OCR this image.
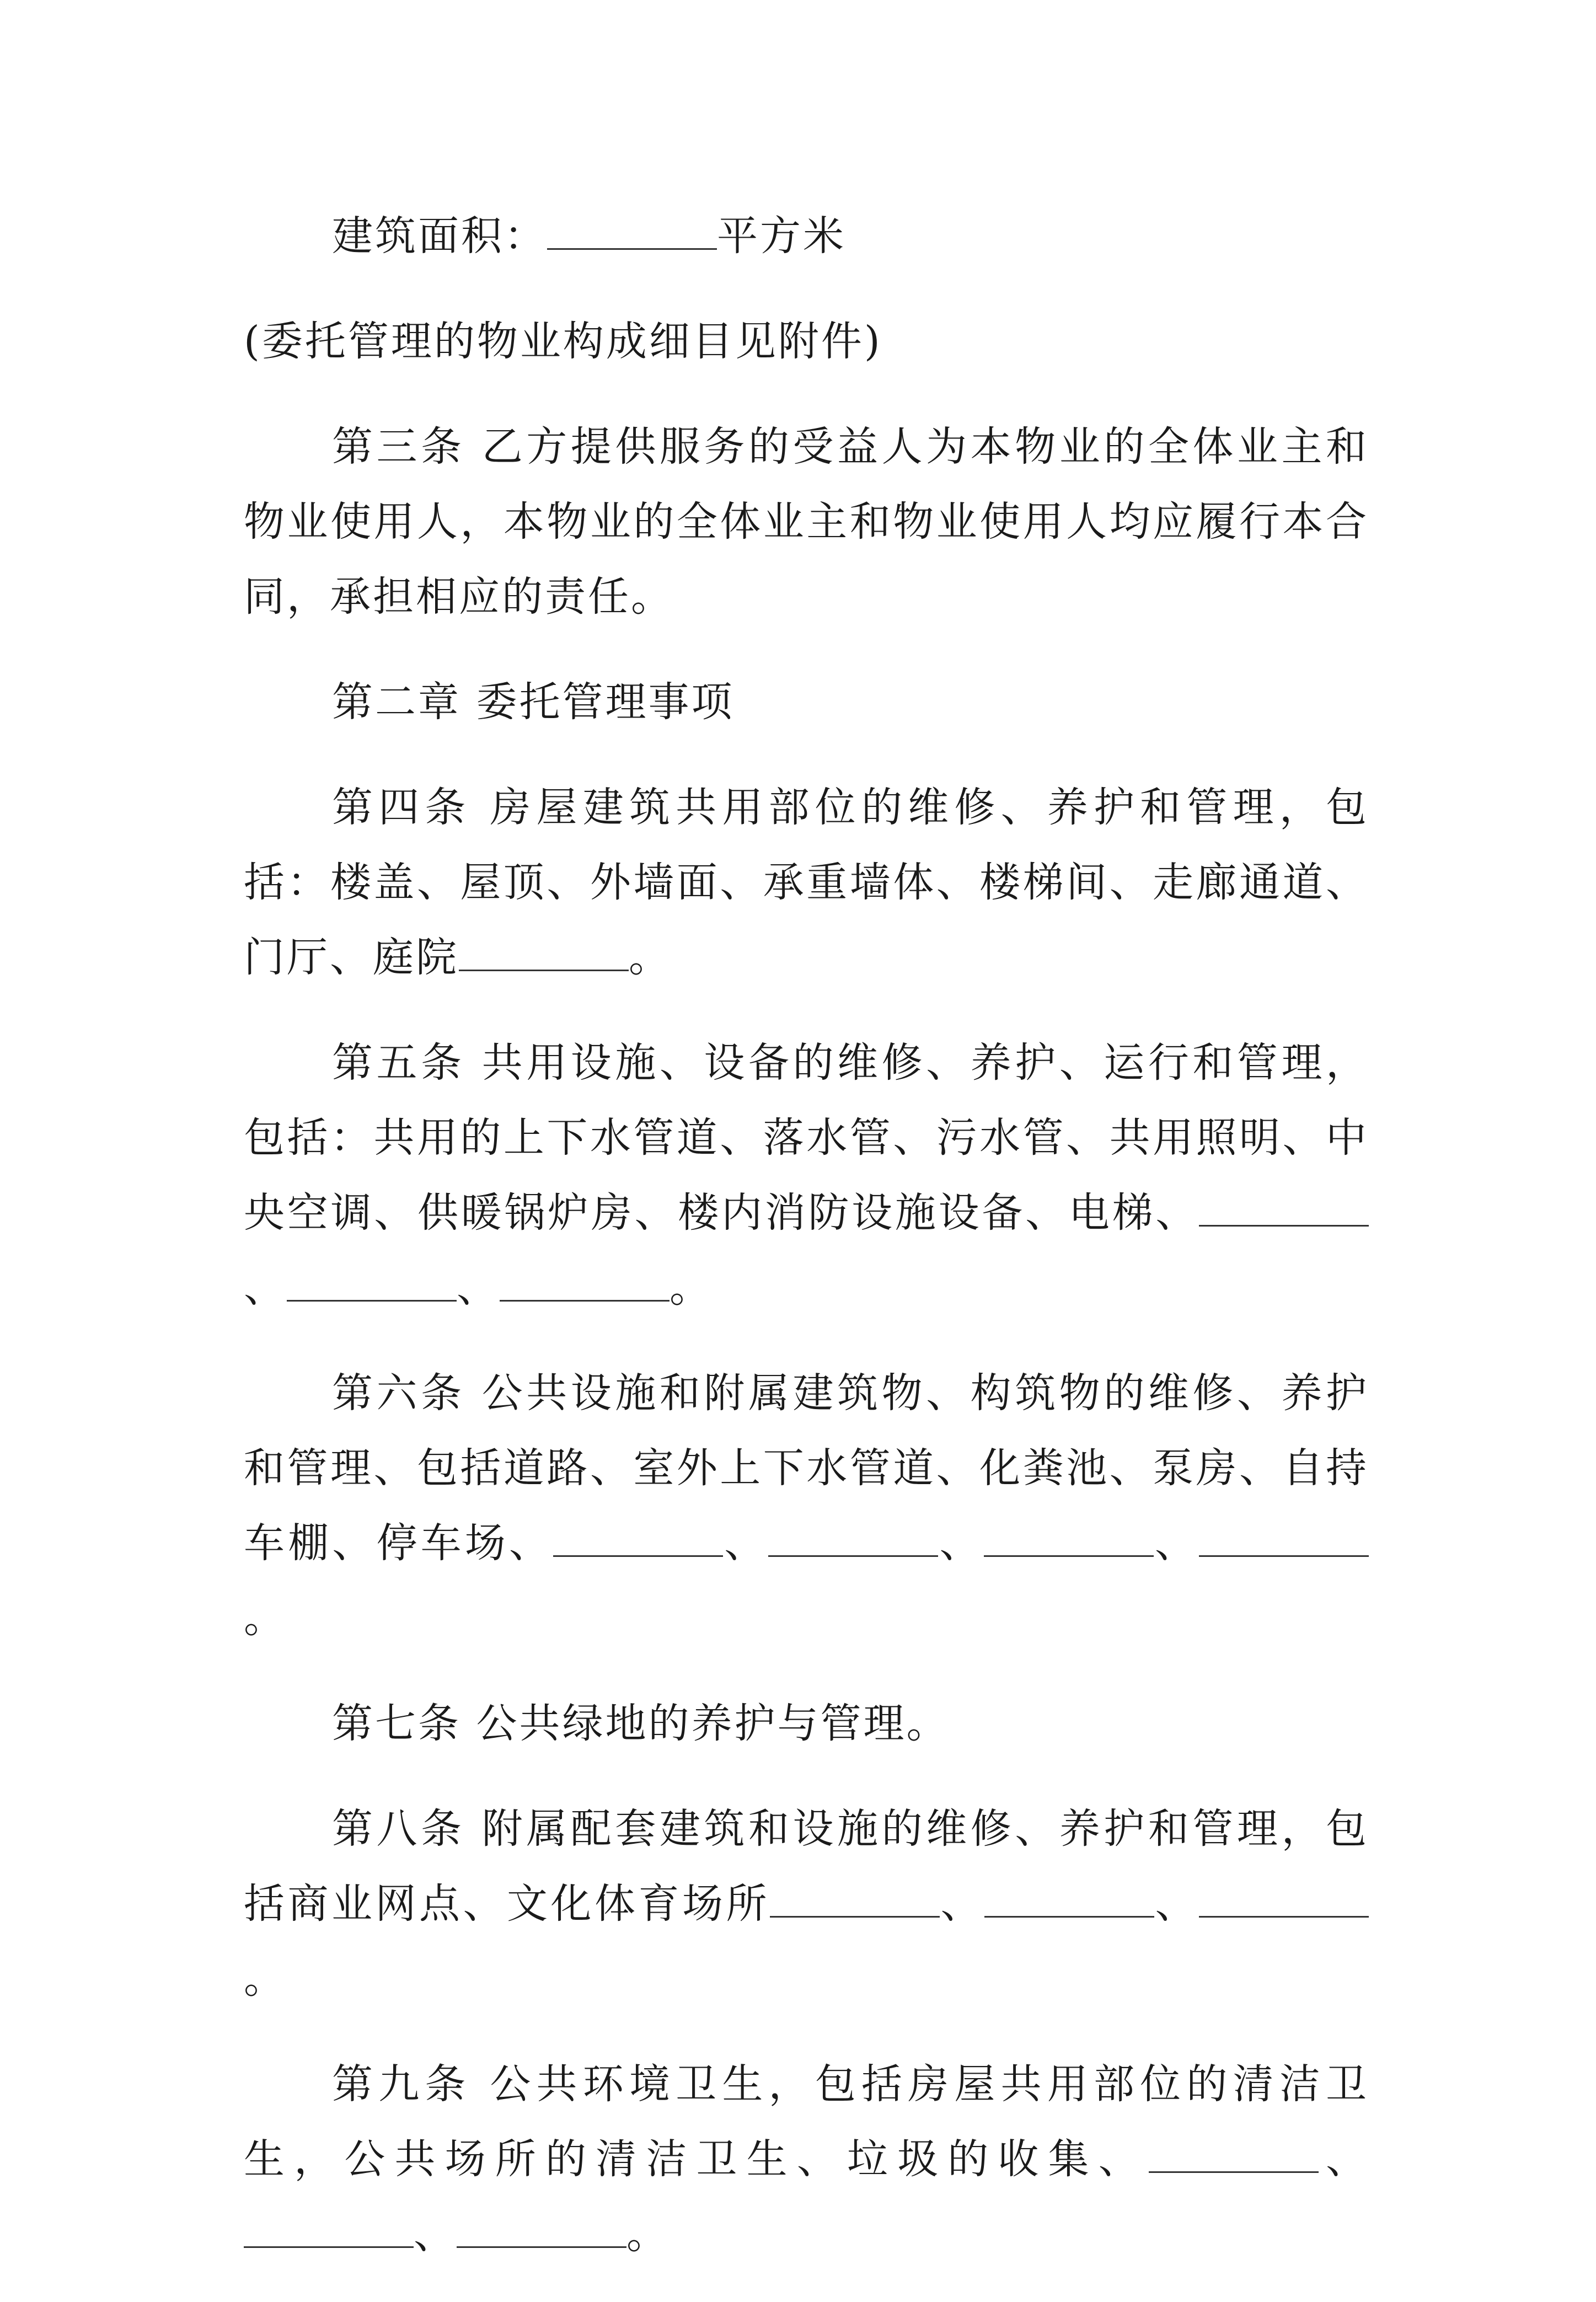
建筑面积：	平方米

(委托管理的物业构成细目见附件)

第三条 乙方提供服务的受益人为本物业的全体业主和物业使用人，本物业的全体业主和物业使用人均应履行本合同，承担相应的责任。

第二章 委托管理事项

第四条 房屋建筑共用部位的维修、养护和管理，包括：楼盖、屋顶、外墙面、承重墙体、楼梯间、走廊通道、门厅、庭院	。

第五条 共用设施、设备的维修、养护、运行和管理，包括：共用的上下水管道、落水管、污水管、共用照明、中央空调、供暖锅炉房、楼内消防设施设备、电梯、、	、	。

第六条 公共设施和附属建筑物、构筑物的维修、养护和管理、包括道路、室外上下水管道、化粪池、泵房、自持车棚、停车场、	、	、	、。

第七条 公共绿地的养护与管理。

第八条 附属配套建筑和设施的维修、养护和管理，包括商业网点、文化体育场所	、	、。

第九条 公共环境卫生，包括房屋共用部位的清洁卫生，公共场所的清洁卫生、垃圾的收集、	、、	。
